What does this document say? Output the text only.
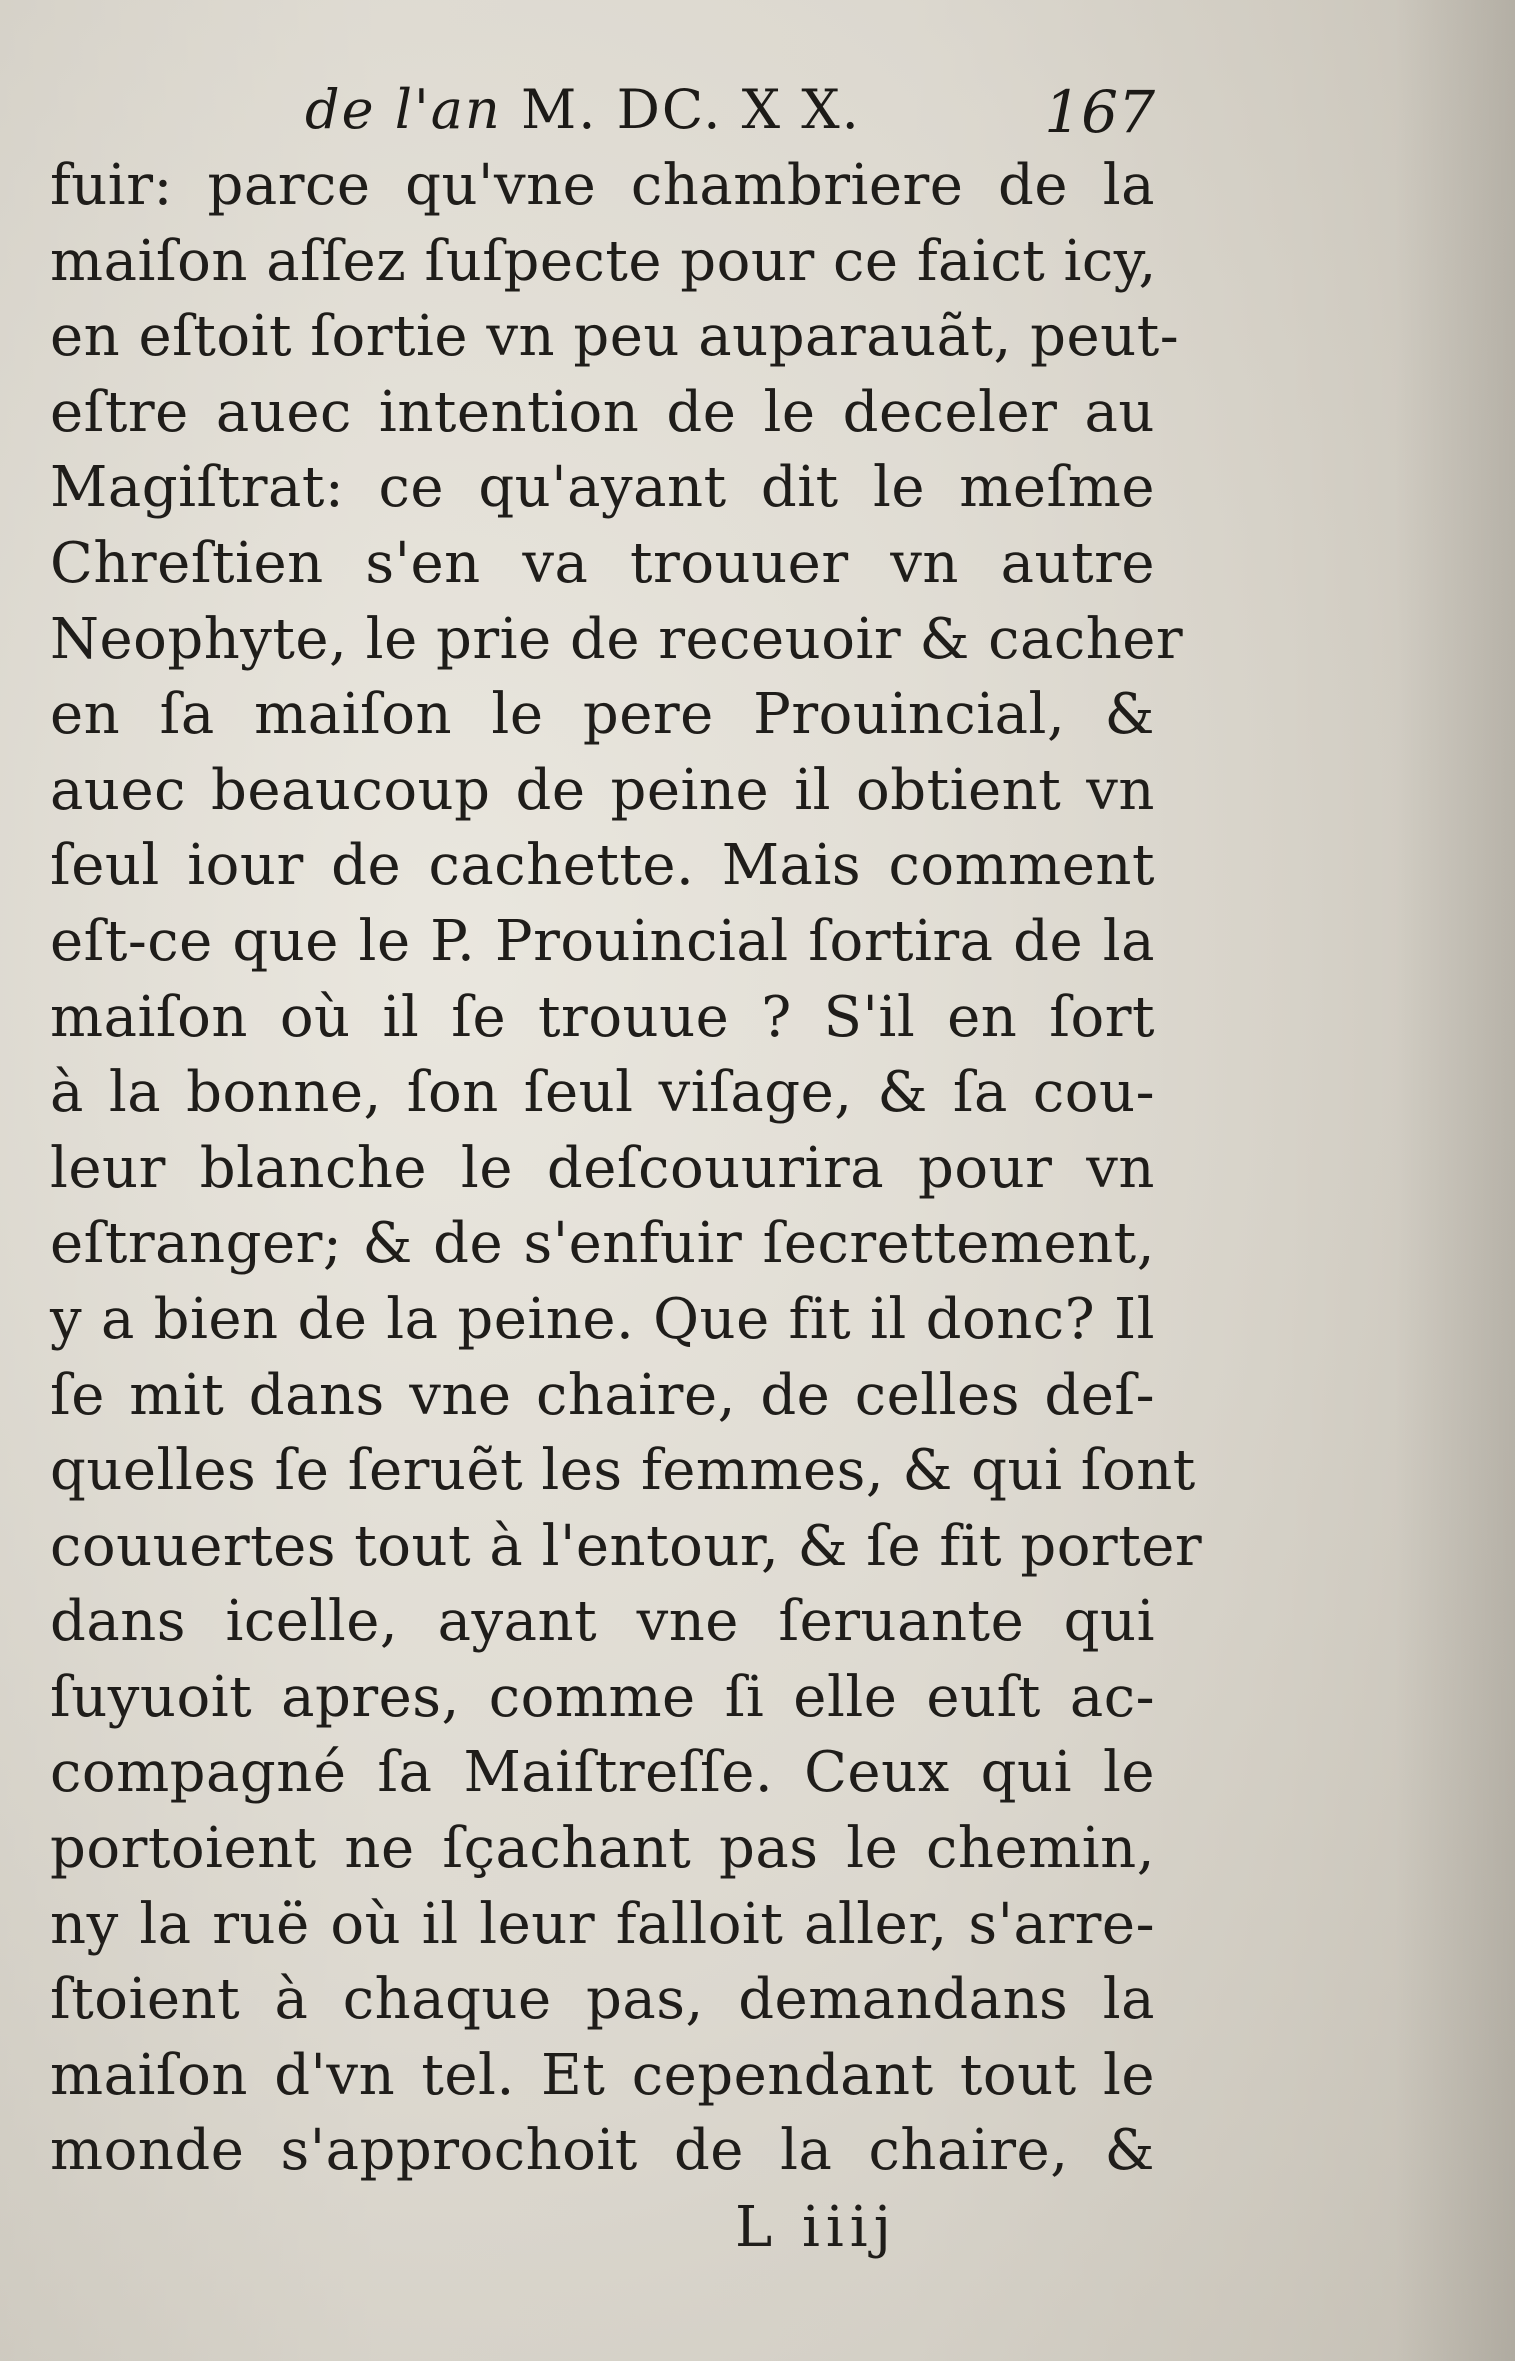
de l'an M. DC. X X.	167
fuir: parce qu'vne chambriere de la
maiſon aſſez ſuſpecte pour ce faict icy,
en eſtoit ſortie vn peu auparauãt, peut-
eſtre auec intention de le deceler au
Magiſtrat: ce qu'ayant dit le meſme
Chreſtien s'en va trouuer vn autre
Neophyte, le prie de receuoir & cacher
en ſa maiſon le pere Prouincial, &
auec beaucoup de peine il obtient vn
ſeul iour de cachette. Mais comment
eſt-ce que le P. Prouincial ſortira de la
maiſon où il ſe trouue ? S'il en ſort
à la bonne, ſon ſeul viſage, & ſa cou-
leur blanche le deſcouurira pour vn
eſtranger; & de s'enfuir ſecrettement,
y a bien de la peine. Que fit il donc? Il
ſe mit dans vne chaire, de celles deſ-
quelles ſe ſeruẽt les femmes, & qui ſont
couuertes tout à l'entour, & ſe fit porter
dans icelle, ayant vne ſeruante qui
ſuyuoit apres, comme ſi elle euſt ac-
compagné ſa Maiſtreſſe. Ceux qui le
portoient ne ſçachant pas le chemin,
ny la ruë où il leur falloit aller, s'arre-
ſtoient à chaque pas, demandans la
maiſon d'vn tel. Et cependant tout le
monde s'approchoit de la chaire, &
L iiij
